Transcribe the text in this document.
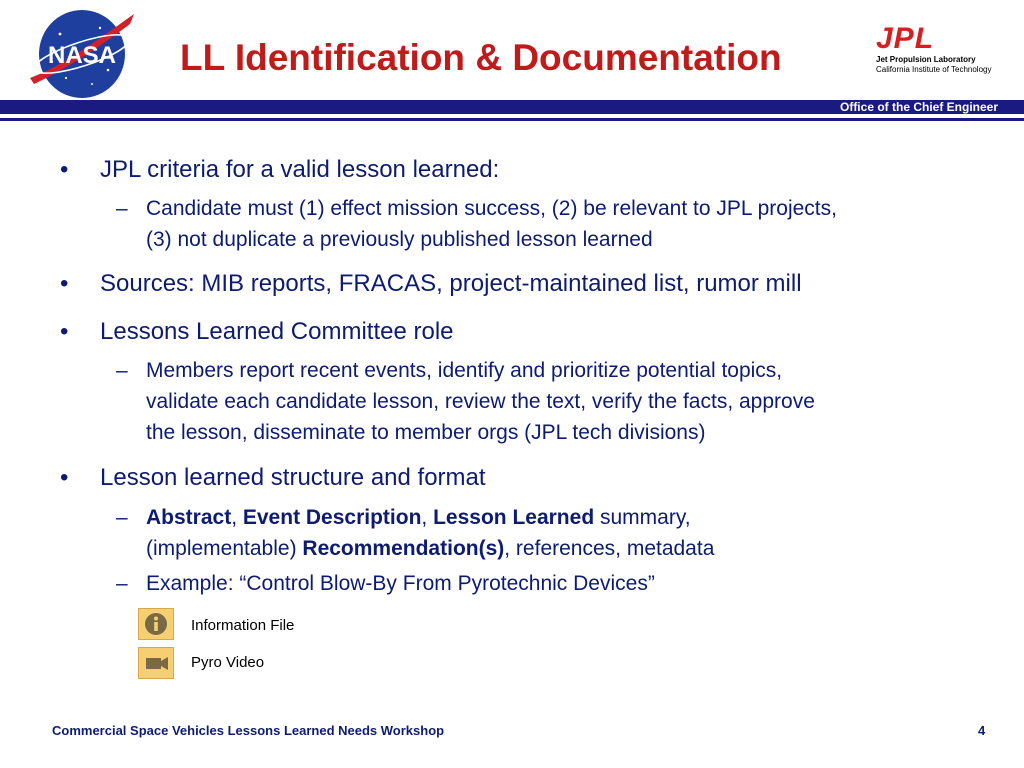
NASA LL Identification & Documentation	JPL
Jet Propulsion Laboratory
California Institute of Technology
Office of the Chief Engineer
• JPL criteria for a valid lesson learned:
– Candidate must (1) effect mission success, (2) be relevant to JPL projects,
(3) not duplicate a previously published lesson learned
• Sources: MIB reports, FRACAS, project-maintained list, rumor mill
• Lessons Learned Committee role
– Members report recent events, identify and prioritize potential topics,
validate each candidate lesson, review the text, verify the facts, approve
the lesson, disseminate to member orgs (JPL tech divisions)
• Lesson learned structure and format
– Abstract, Event Description, Lesson Learned summary,
(implementable) Recommendation(s), references, metadata
– Example: “Control Blow-By From Pyrotechnic Devices”
Information File
Pyro Video
Commercial Space Vehicles Lessons Learned Needs Workshop	4
